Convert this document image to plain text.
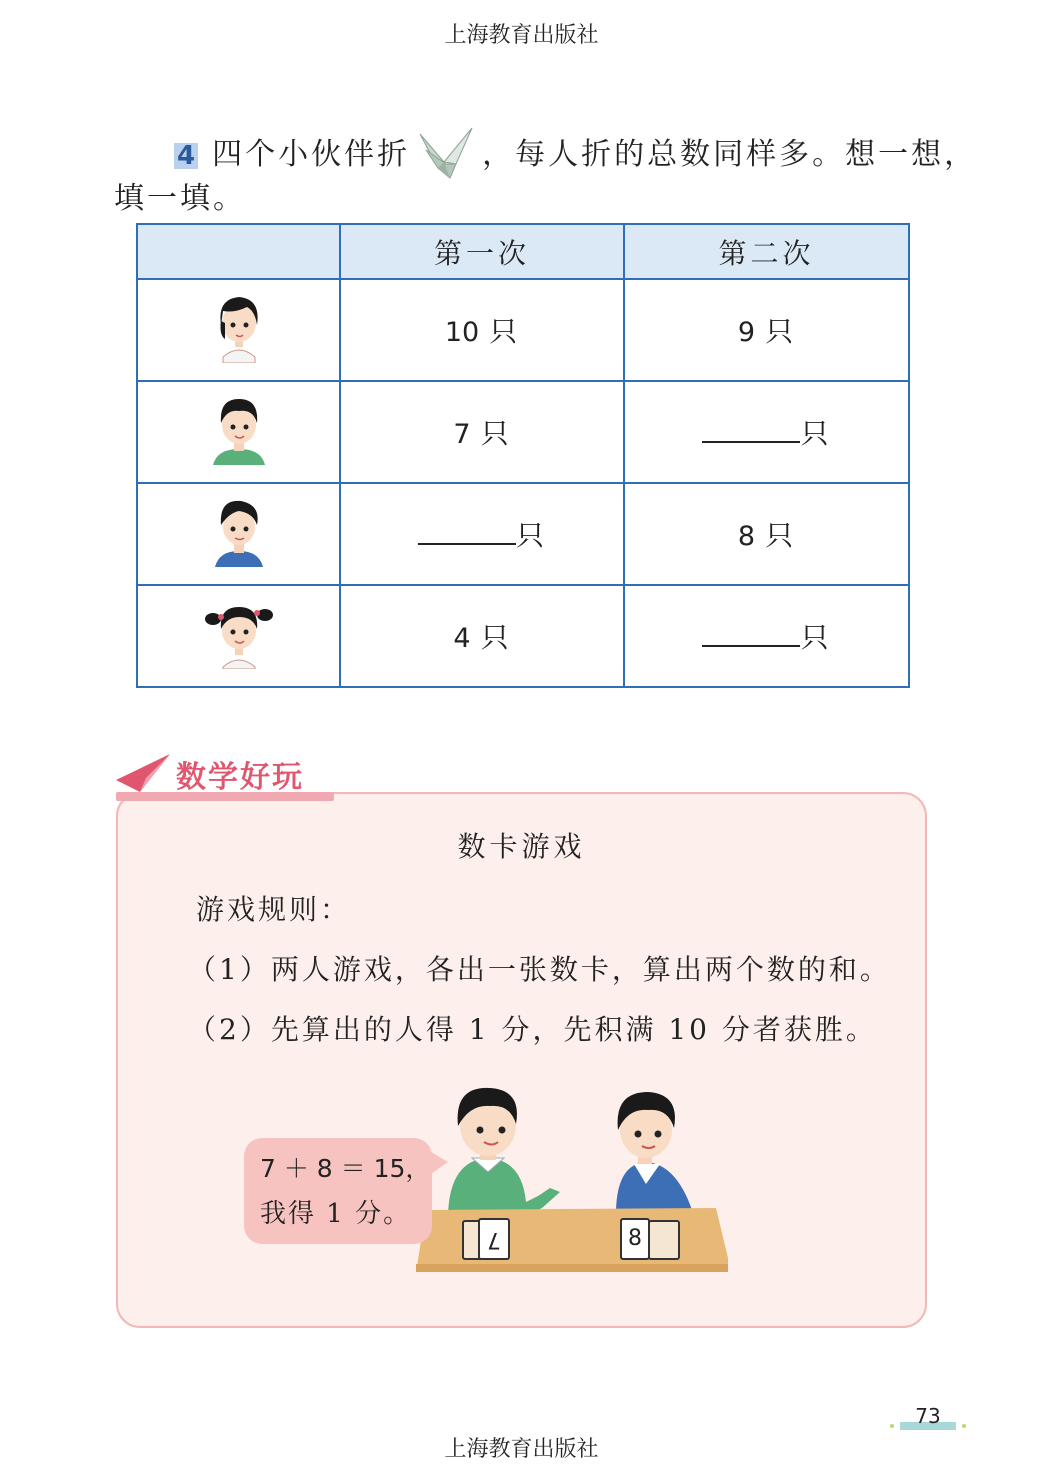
上海教育出版社
4 四个小伙伴折 ，每人折的总数同样多。想一想，
填一填。
	第一次	第二次
	10 只	9 只
	7 只	只
	只	8 只
	4 只	只
数学好玩
数卡游戏
游戏规则：
（1）两人游戏，各出一张数卡，算出两个数的和。
（2）先算出的人得 1 分，先积满 10 分者获胜。
7	8
7 ＋ 8 ＝ 15，
我得 1 分。
73
上海教育出版社
